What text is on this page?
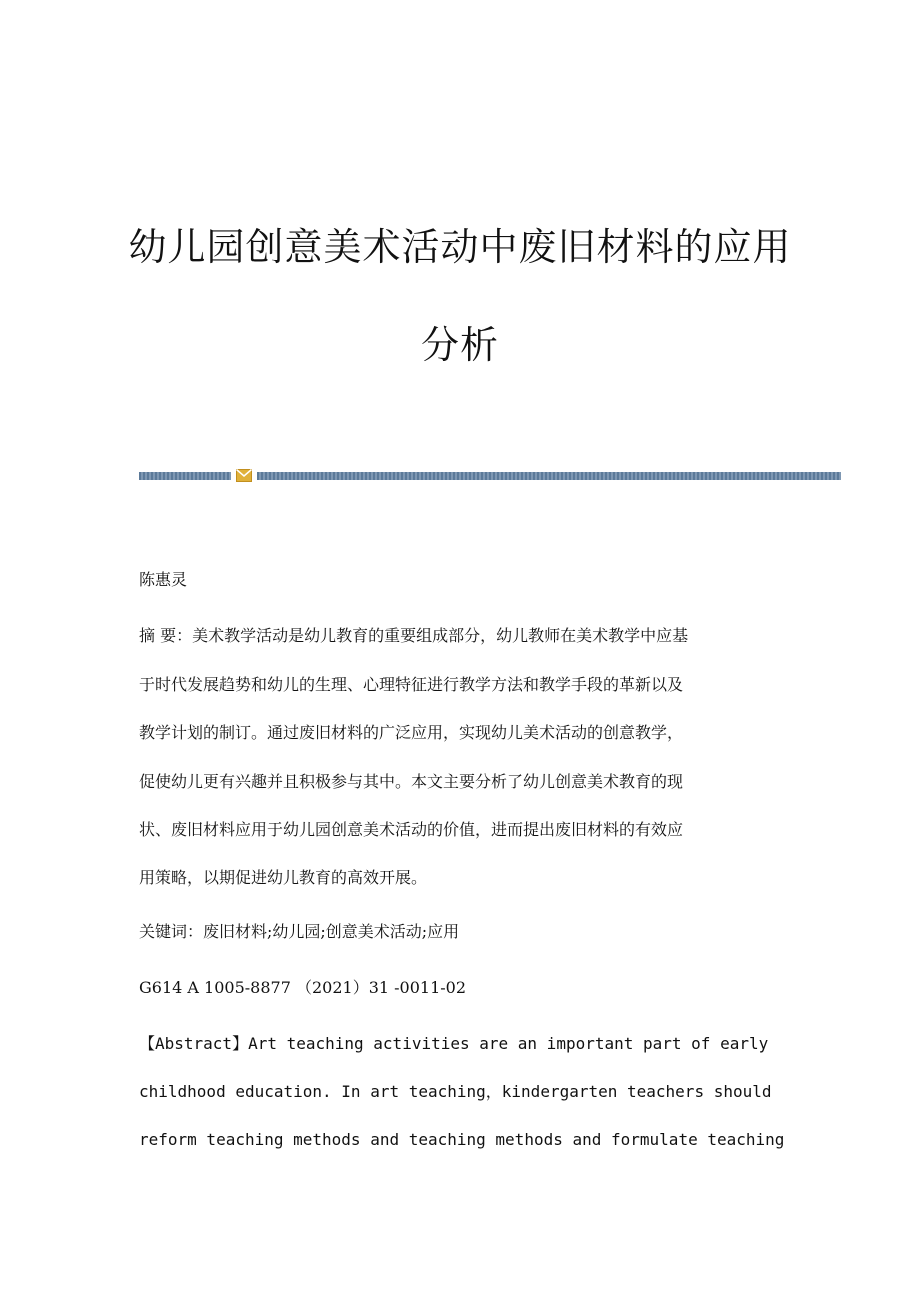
幼儿园创意美术活动中废旧材料的应用
分析

陈惠灵

摘 要：美术教学活动是幼儿教育的重要组成部分，幼儿教师在美术教学中应基

于时代发展趋势和幼儿的生理、心理特征进行教学方法和教学手段的革新以及

教学计划的制订。通过废旧材料的广泛应用，实现幼儿美术活动的创意教学，

促使幼儿更有兴趣并且积极参与其中。本文主要分析了幼儿创意美术教育的现

状、废旧材料应用于幼儿园创意美术活动的价值，进而提出废旧材料的有效应

用策略，以期促进幼儿教育的高效开展。

关键词：废旧材料;幼儿园;创意美术活动;应用

G614 A 1005-8877 （2021）31 -0011-02

【Abstract】Art teaching activities are an important part of early

childhood education. In art teaching，kindergarten teachers should

reform teaching methods and teaching methods and formulate teaching
